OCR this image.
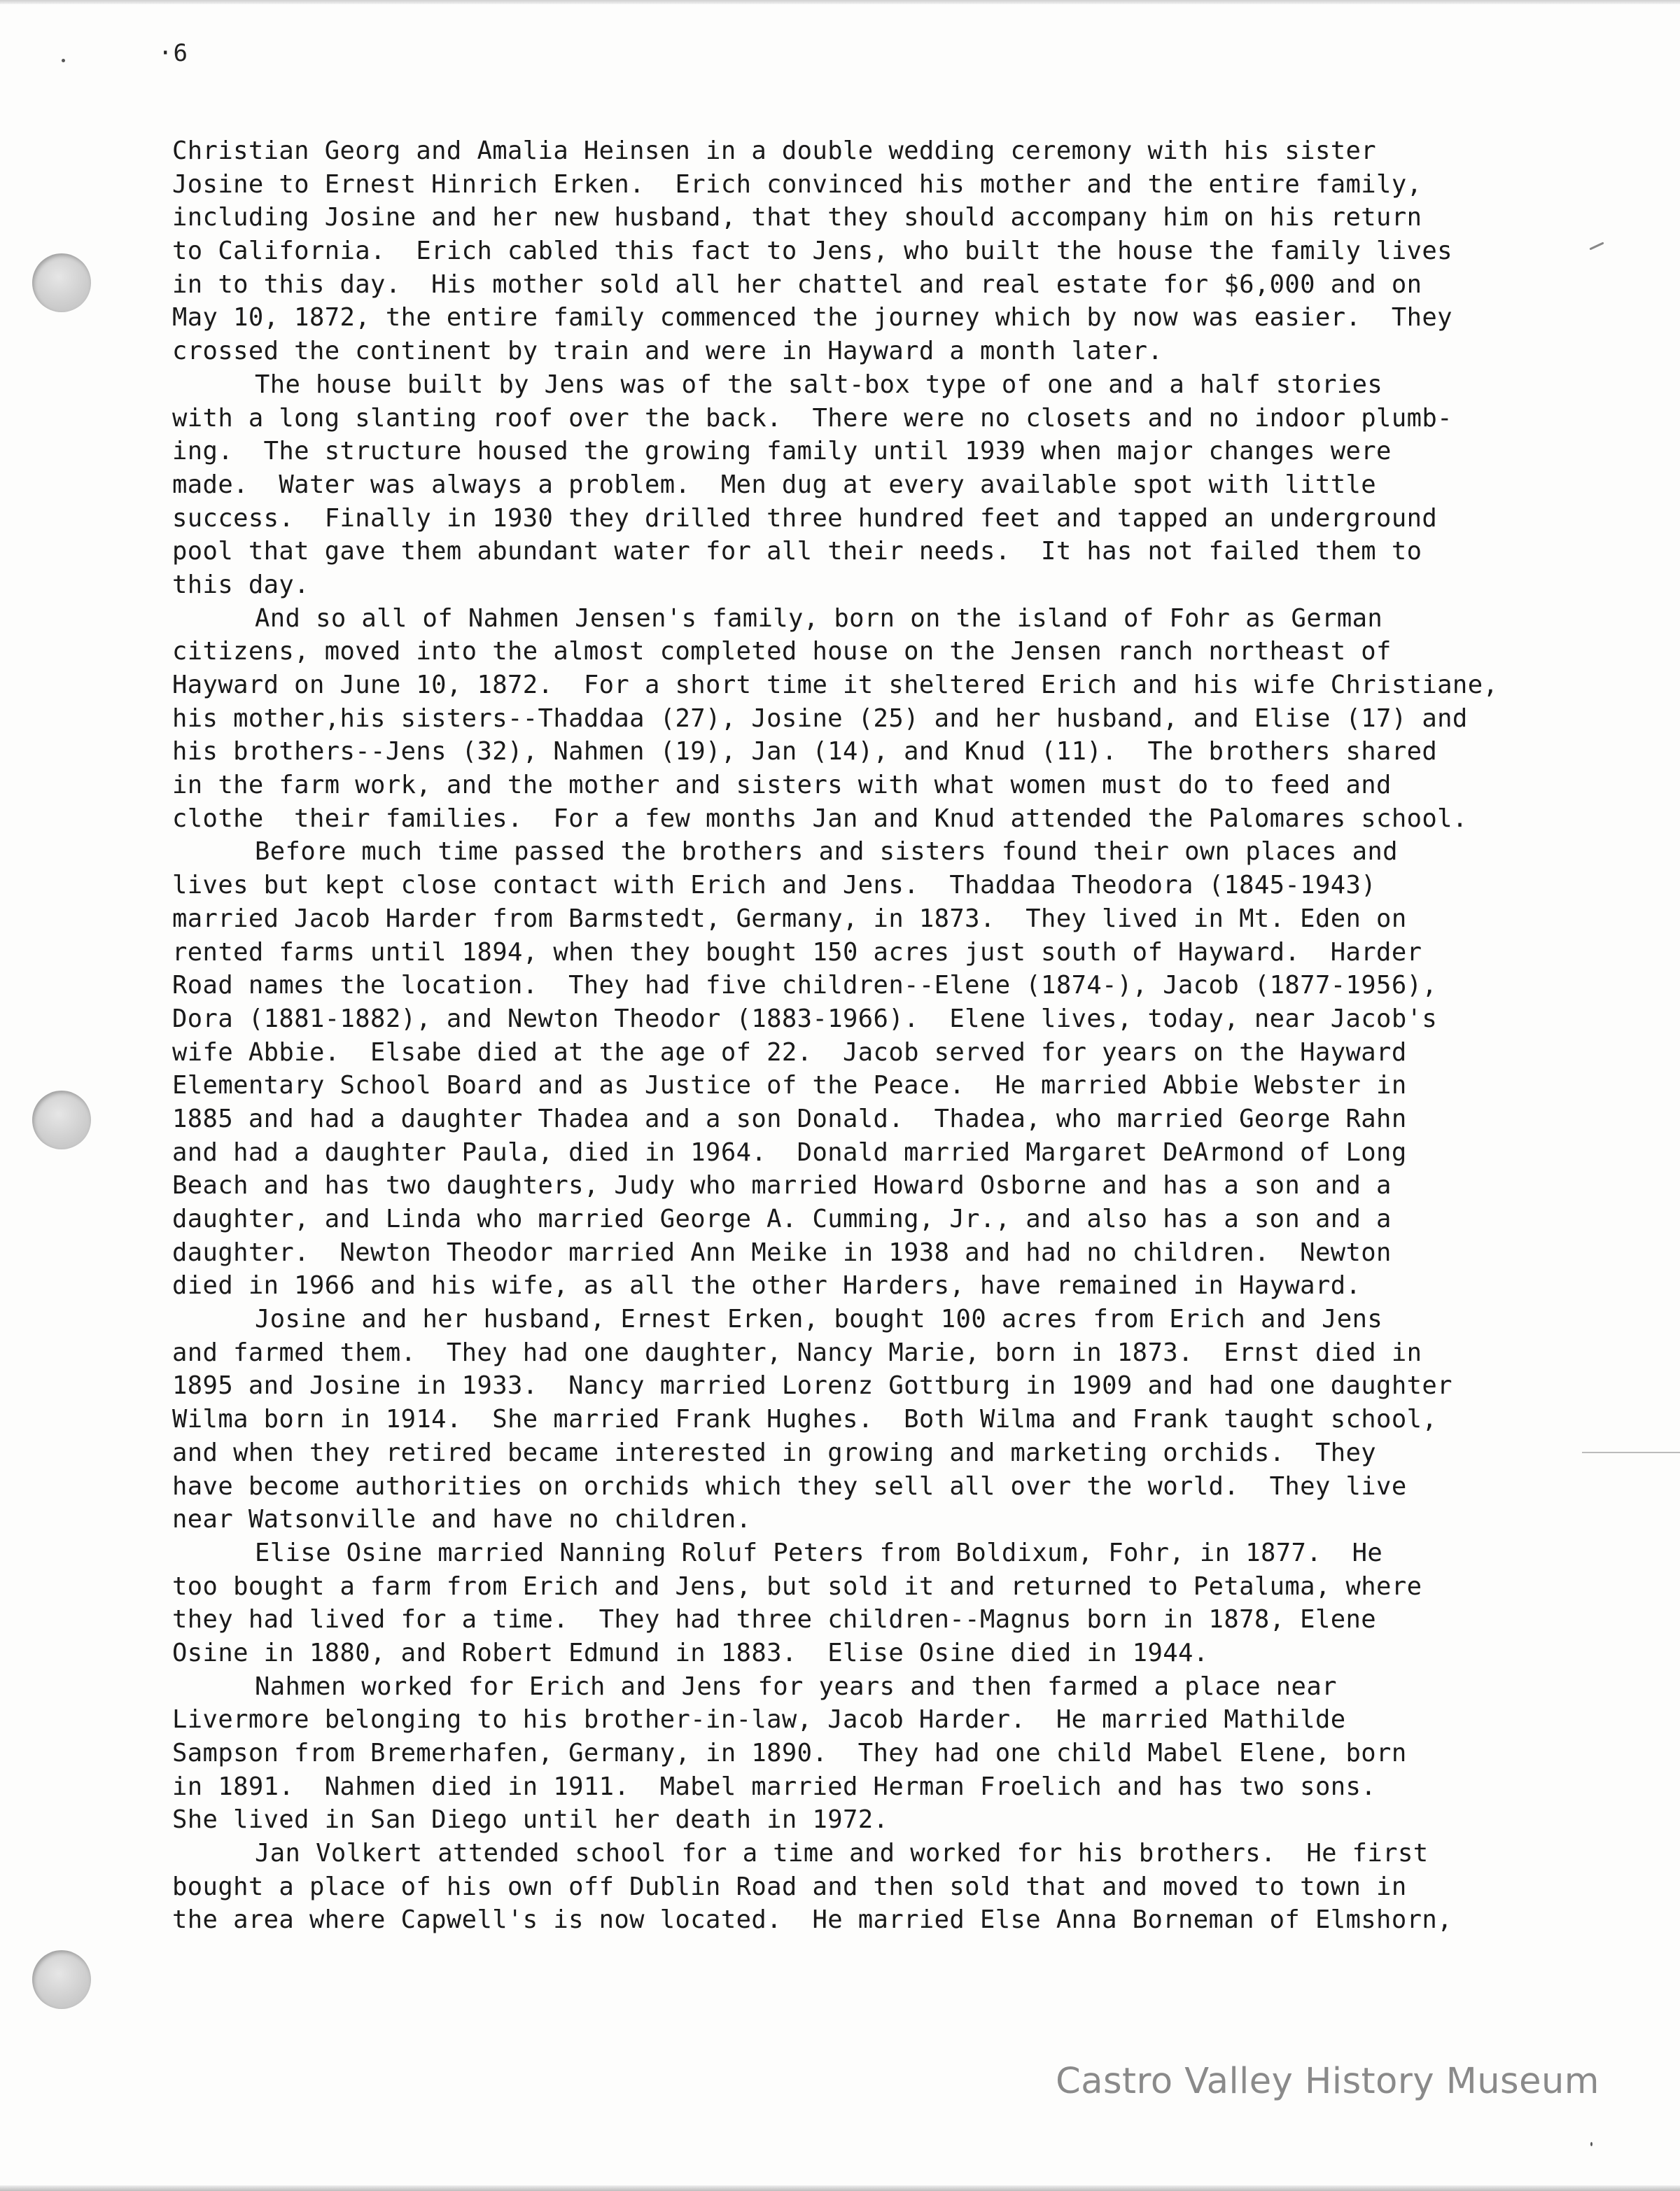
·6
Christian Georg and Amalia Heinsen in a double wedding ceremony with his sister
Josine to Ernest Hinrich Erken.  Erich convinced his mother and the entire family,
including Josine and her new husband, that they should accompany him on his return
to California.  Erich cabled this fact to Jens, who built the house the family lives
in to this day.  His mother sold all her chattel and real estate for $6,000 and on
May 10, 1872, the entire family commenced the journey which by now was easier.  They
crossed the continent by train and were in Hayward a month later.
The house built by Jens was of the salt-box type of one and a half stories
with a long slanting roof over the back.  There were no closets and no indoor plumb-
ing.  The structure housed the growing family until 1939 when major changes were
made.  Water was always a problem.  Men dug at every available spot with little
success.  Finally in 1930 they drilled three hundred feet and tapped an underground
pool that gave them abundant water for all their needs.  It has not failed them to
this day.
And so all of Nahmen Jensen's family, born on the island of Fohr as German
citizens, moved into the almost completed house on the Jensen ranch northeast of
Hayward on June 10, 1872.  For a short time it sheltered Erich and his wife Christiane,
his mother,his sisters--Thaddaa (27), Josine (25) and her husband, and Elise (17) and
his brothers--Jens (32), Nahmen (19), Jan (14), and Knud (11).  The brothers shared
in the farm work, and the mother and sisters with what women must do to feed and
clothe  their families.  For a few months Jan and Knud attended the Palomares school.
Before much time passed the brothers and sisters found their own places and
lives but kept close contact with Erich and Jens.  Thaddaa Theodora (1845-1943)
married Jacob Harder from Barmstedt, Germany, in 1873.  They lived in Mt. Eden on
rented farms until 1894, when they bought 150 acres just south of Hayward.  Harder
Road names the location.  They had five children--Elene (1874-), Jacob (1877-1956),
Dora (1881-1882), and Newton Theodor (1883-1966).  Elene lives, today, near Jacob's
wife Abbie.  Elsabe died at the age of 22.  Jacob served for years on the Hayward
Elementary School Board and as Justice of the Peace.  He married Abbie Webster in
1885 and had a daughter Thadea and a son Donald.  Thadea, who married George Rahn
and had a daughter Paula, died in 1964.  Donald married Margaret DeArmond of Long
Beach and has two daughters, Judy who married Howard Osborne and has a son and a
daughter, and Linda who married George A. Cumming, Jr., and also has a son and a
daughter.  Newton Theodor married Ann Meike in 1938 and had no children.  Newton
died in 1966 and his wife, as all the other Harders, have remained in Hayward.
Josine and her husband, Ernest Erken, bought 100 acres from Erich and Jens
and farmed them.  They had one daughter, Nancy Marie, born in 1873.  Ernst died in
1895 and Josine in 1933.  Nancy married Lorenz Gottburg in 1909 and had one daughter
Wilma born in 1914.  She married Frank Hughes.  Both Wilma and Frank taught school,
and when they retired became interested in growing and marketing orchids.  They
have become authorities on orchids which they sell all over the world.  They live
near Watsonville and have no children.
Elise Osine married Nanning Roluf Peters from Boldixum, Fohr, in 1877.  He
too bought a farm from Erich and Jens, but sold it and returned to Petaluma, where
they had lived for a time.  They had three children--Magnus born in 1878, Elene
Osine in 1880, and Robert Edmund in 1883.  Elise Osine died in 1944.
Nahmen worked for Erich and Jens for years and then farmed a place near
Livermore belonging to his brother-in-law, Jacob Harder.  He married Mathilde
Sampson from Bremerhafen, Germany, in 1890.  They had one child Mabel Elene, born
in 1891.  Nahmen died in 1911.  Mabel married Herman Froelich and has two sons.
She lived in San Diego until her death in 1972.
Jan Volkert attended school for a time and worked for his brothers.  He first
bought a place of his own off Dublin Road and then sold that and moved to town in
the area where Capwell's is now located.  He married Else Anna Borneman of Elmshorn,
Castro Valley History Museum
